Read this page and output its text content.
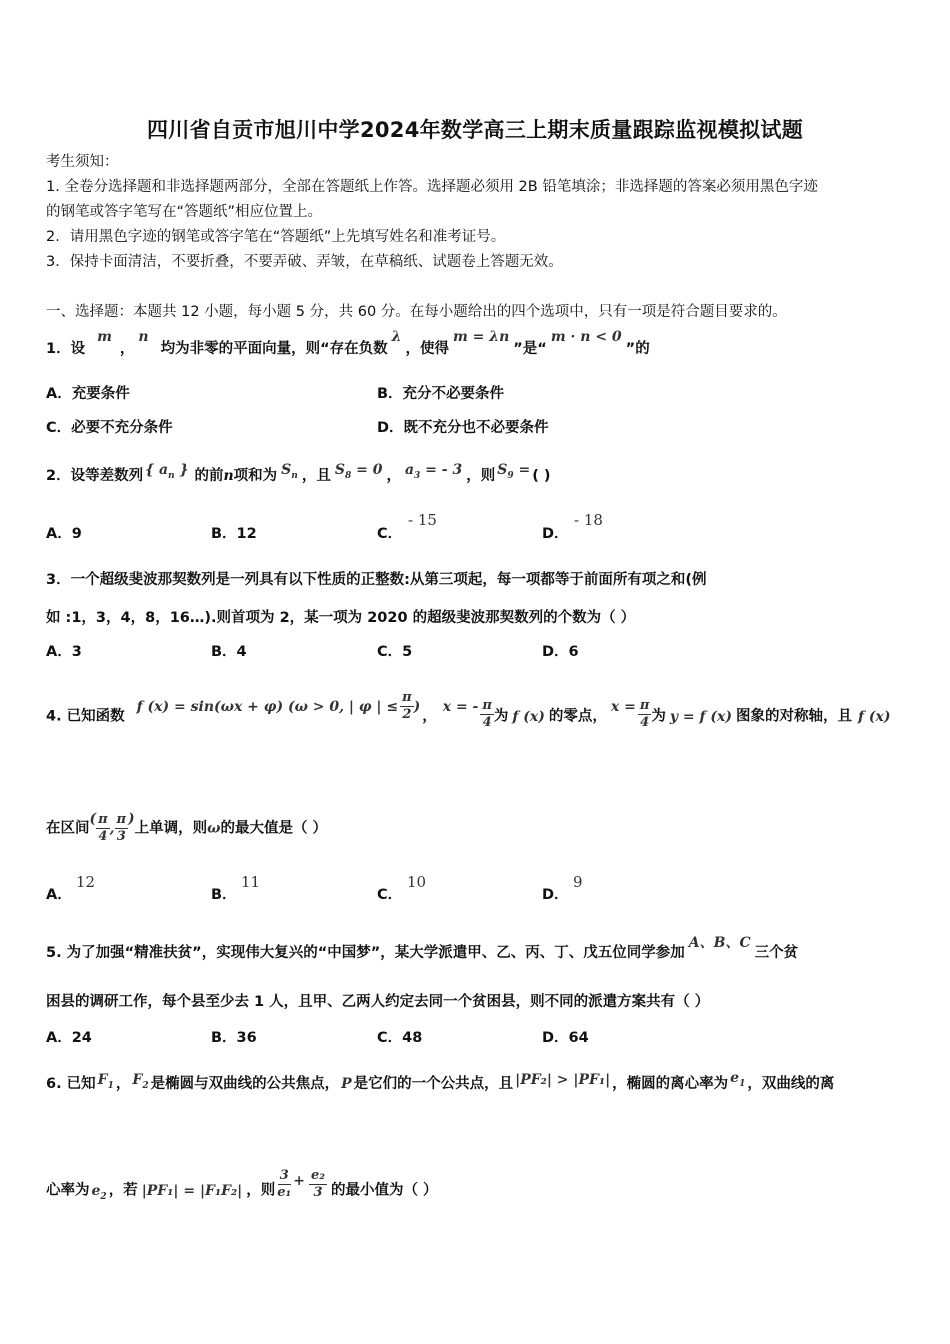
四川省自贡市旭川中学2024年数学高三上期末质量跟踪监视模拟试题
考生须知：
1. 全卷分选择题和非选择题两部分，全部在答题纸上作答。选择题必须用 2B 铅笔填涂；非选择题的答案必须用黑色字迹
的钢笔或答字笔写在“答题纸”相应位置上。
2．请用黑色字迹的钢笔或答字笔在“答题纸”上先填写姓名和准考证号。
3．保持卡面清洁，不要折叠，不要弄破、弄皱，在草稿纸、试题卷上答题无效。
一、选择题：本题共 12 小题，每小题 5 分，共 60 分。在每小题给出的四个选项中，只有一项是符合题目要求的。
1．设m，n均为非零的平面向量，则“存在负数λ，使得m = λn”是“m · n < 0”的
A．充要条件	B．充分不必要条件
C．必要不充分条件	D．既不充分也不必要条件
2．设等差数列 { $a_n$ } 的前n项和为 $S_n$ ，且 $S_8 = 0$ ， $a_3$ = - 3 ，则 $S_9$ = ( )
A．9	B．12	C．
- 15
D．
- 18
3．一个超级斐波那契数列是一列具有以下性质的正整数:从第三项起，每一项都等于前面所有项之和(例
如 :1，3，4，8，16…).则首项为 2，某一项为 2020 的超级斐波那契数列的个数为（ ）
A．3	B．4	C．5	D．6
4. 已知函数f (x) = sin(ωx + φ) (ω > 0, | φ | ≤ $\frac{\pi}{2}$ )，x = - $\frac{\pi}{4}$ 为 f (x) 的零点，$x = \frac{\pi}{4}$ 为 y = f (x) 图象的对称轴，且 f (x)
在区间( $\frac{\pi}{4}$ , $\frac{\pi}{3}$ )上单调，则ω的最大值是（ ）
A．
12
B．
11
C．
10
D．
9
5. 为了加强“精准扶贫”，实现伟大复兴的“中国梦”，某大学派遣甲、乙、丙、丁、戊五位同学参加A、B、C三个贫
困县的调研工作，每个县至少去 1 人，且甲、乙两人约定去同一个贫困县，则不同的派遣方案共有（ ）
A．24	B．36	C．48	D．64
6. 已知 $F_1$ ， $F_2$ 是椭圆与双曲线的公共焦点， P 是它们的一个公共点，且 |PF₂| > |PF₁| ，椭圆的离心率为 $e_1$ ，双曲线的离
心率为 $e_2$ ，若 |PF₁| = |F₁F₂| ，则 $\frac{3}{\text{e₁}} + \frac{\text{e₂}}{3}$ 的最小值为（ ）
